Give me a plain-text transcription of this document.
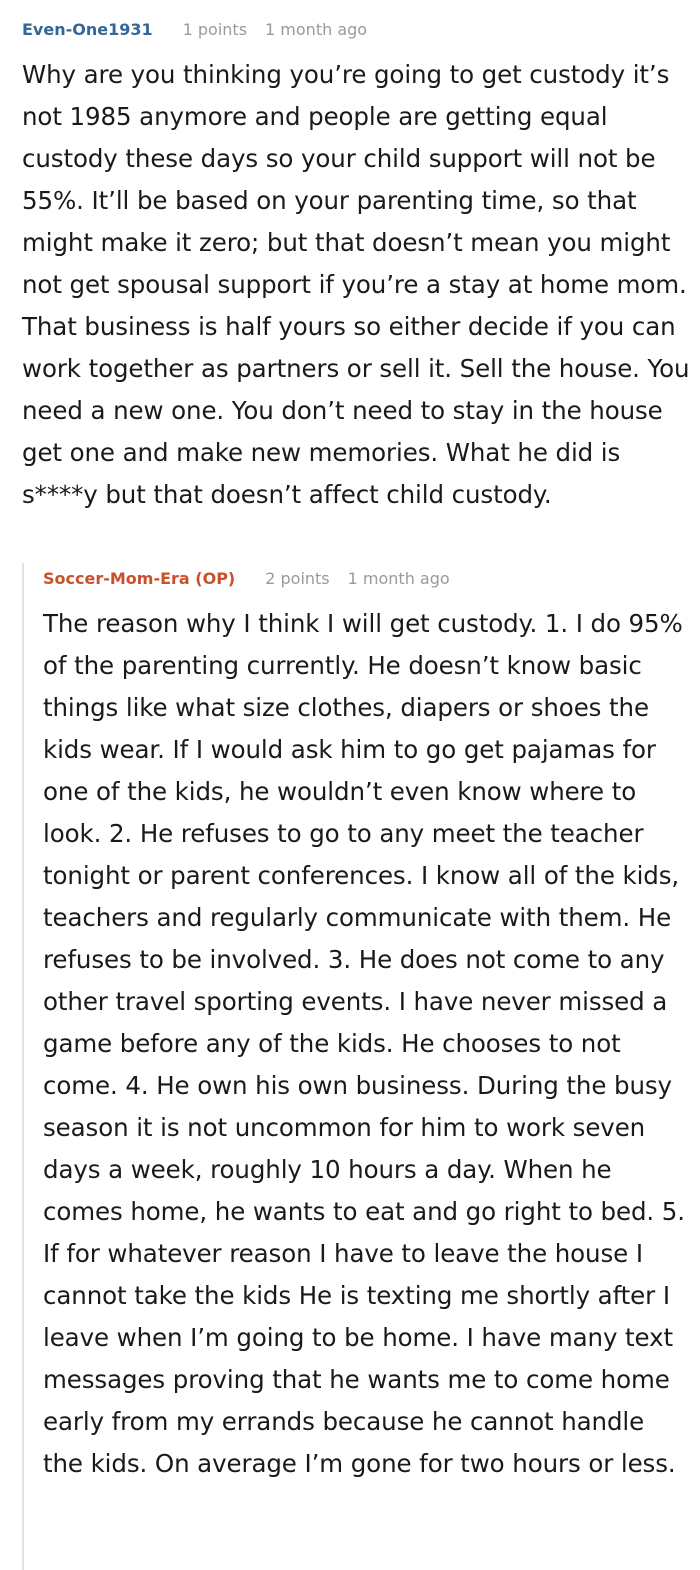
Even-One1931 1 points 1 month ago
Why are you thinking you’re going to get custody it’s not 1985 anymore and people are getting equal custody these days so your child support will not be 55%. It’ll be based on your parenting time, so that might make it zero; but that doesn’t mean you might not get spousal support if you’re a stay at home mom. That business is half yours so either decide if you can work together as partners or sell it. Sell the house. You need a new one. You don’t need to stay in the house get one and make new memories. What he did is s****y but that doesn’t affect child custody.
Soccer-Mom-Era (OP) 2 points 1 month ago
The reason why I think I will get custody. 1. I do 95% of the parenting currently. He doesn’t know basic things like what size clothes, diapers or shoes the kids wear. If I would ask him to go get pajamas for one of the kids, he wouldn’t even know where to look. 2. He refuses to go to any meet the teacher tonight or parent conferences. I know all of the kids, teachers and regularly communicate with them. He refuses to be involved. 3. He does not come to any other travel sporting events. I have never missed a game before any of the kids. He chooses to not come. 4. He own his own business. During the busy season it is not uncommon for him to work seven days a week, roughly 10 hours a day. When he comes home, he wants to eat and go right to bed. 5. If for whatever reason I have to leave the house I cannot take the kids He is texting me shortly after I leave when I’m going to be home. I have many text messages proving that he wants me to come home early from my errands because he cannot handle the kids. On average I’m gone for two hours or less.
